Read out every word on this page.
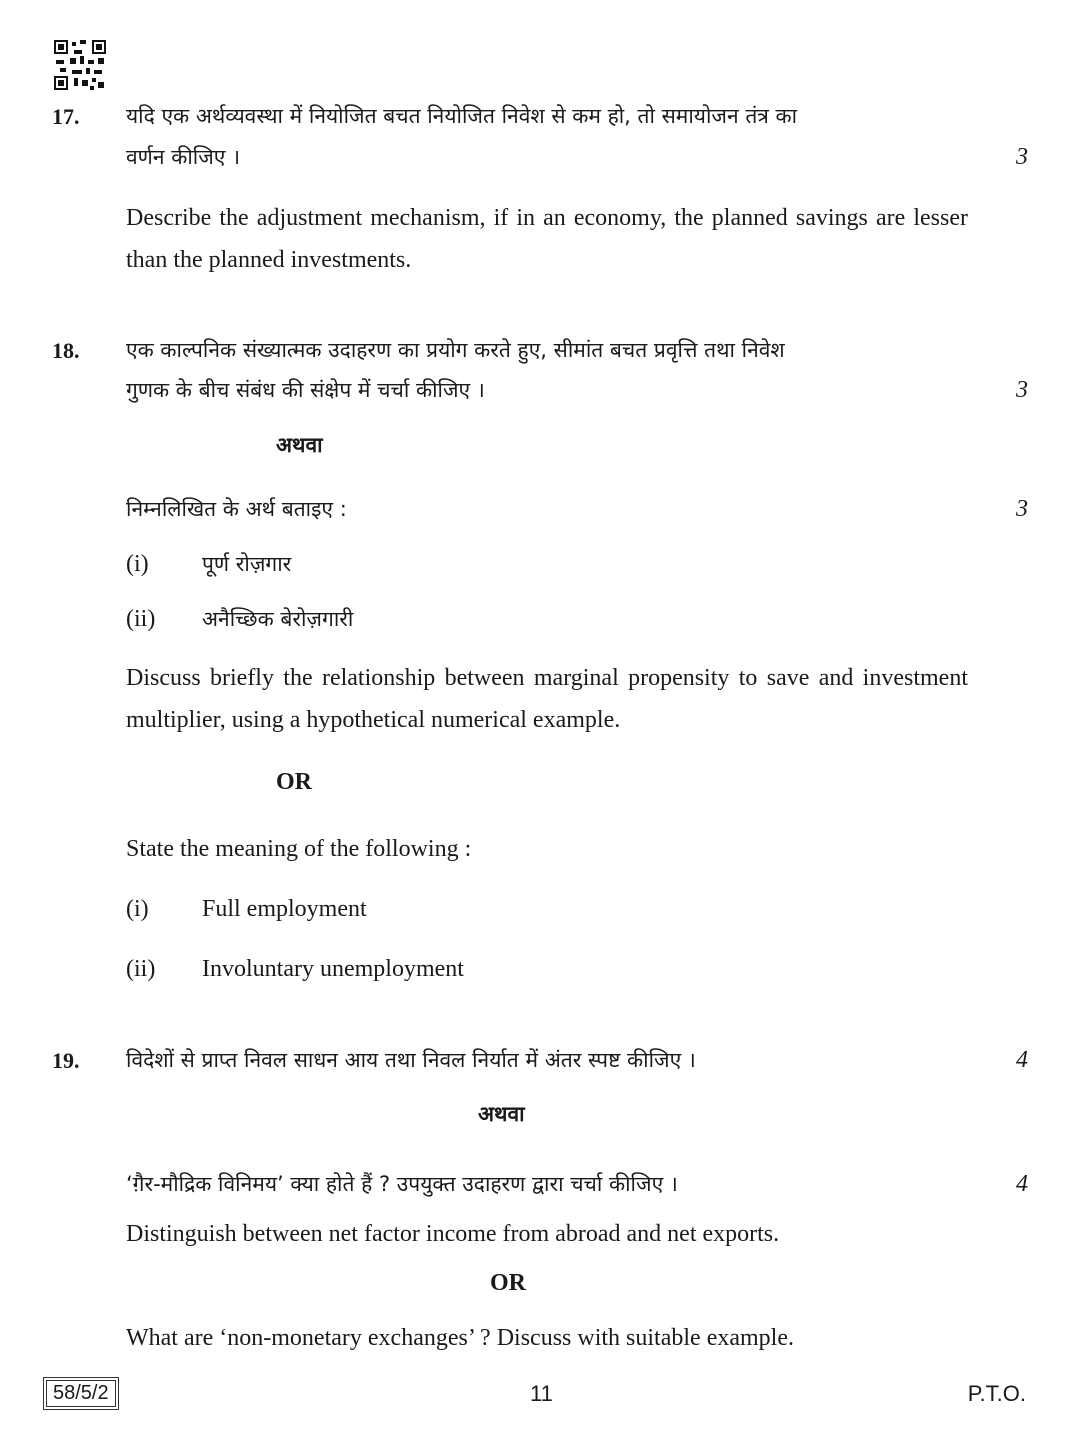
17. यदि एक अर्थव्यवस्था में नियोजित बचत नियोजित निवेश से कम हो, तो समायोजन तंत्र का
वर्णन कीजिए ।	3
Describe the adjustment mechanism, if in an economy, the planned savings are lesser than the planned investments.
18. एक काल्पनिक संख्यात्मक उदाहरण का प्रयोग करते हुए, सीमांत बचत प्रवृत्ति तथा निवेश
गुणक के बीच संबंध की संक्षेप में चर्चा कीजिए ।	3
अथवा
निम्नलिखित के अर्थ बताइए :	3
(i)	पूर्ण रोज़गार
(ii) अनैच्छिक बेरोज़गारी
Discuss briefly the relationship between marginal propensity to save and investment multiplier, using a hypothetical numerical example.
OR
State the meaning of the following :
(i) Full employment
(ii) Involuntary unemployment
19. विदेशों से प्राप्त निवल साधन आय तथा निवल निर्यात में अंतर स्पष्ट कीजिए ।	4
अथवा
‘ग़ैर-मौद्रिक विनिमय’ क्या होते हैं ? उपयुक्त उदाहरण द्वारा चर्चा कीजिए ।	4
Distinguish between net factor income from abroad and net exports.
OR
What are ‘non-monetary exchanges’ ? Discuss with suitable example.
58/5/2	11	P.T.O.
